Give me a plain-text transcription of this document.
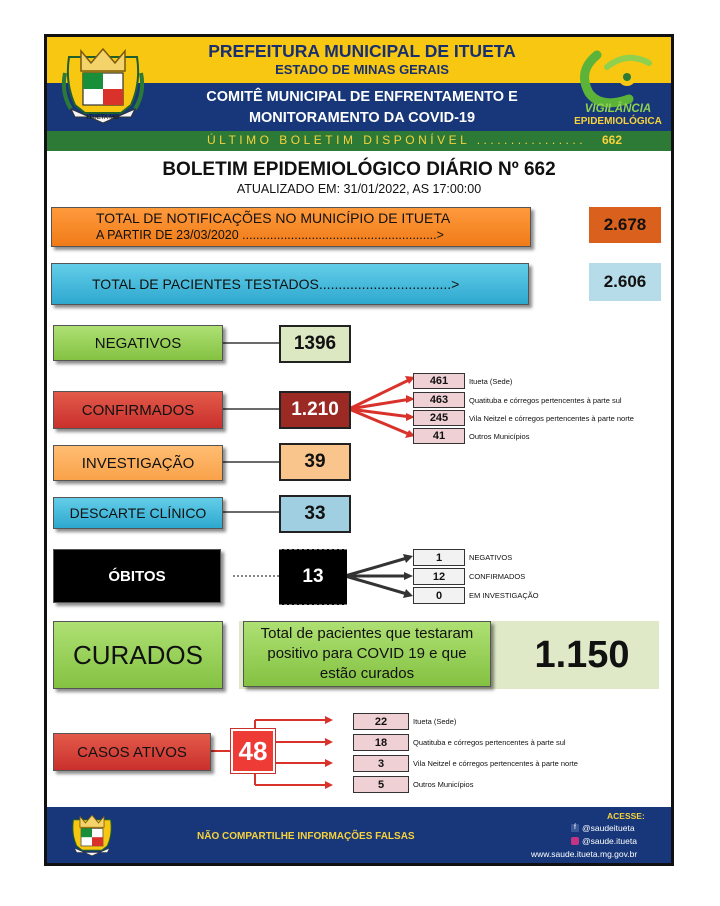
ITUETA MG
PREFEITURA MUNICIPAL DE ITUETA
ESTADO DE MINAS GERAIS
COMITÊ MUNICIPAL DE ENFRENTAMENTO E
MONITORAMENTO DA COVID-19
ÚLTIMO BOLETIM DISPONÍVEL ................ 662
VIGILÂNCIA
EPIDEMIOLÓGICA
BOLETIM EPIDEMIOLÓGICO DIÁRIO Nº 662
ATUALIZADO EM: 31/01/2022, AS 17:00:00
TOTAL DE NOTIFICAÇÕES NO MUNICÍPIO DE ITUETA
A PARTIR DE 23/03/2020 ........................................................>
2.678
TOTAL DE PACIENTES TESTADOS..................................>	2.606
NEGATIVOS	1396
CONFIRMADOS	1.210
461	Itueta (Sede)
463	Quatituba e córregos pertencentes à parte sul
245	Vila Neitzel e córregos pertencentes à parte norte
41	Outros Municípios
INVESTIGAÇÃO	39
DESCARTE CLÍNICO	33
ÓBITOS	13
1	NEGATIVOS
12	CONFIRMADOS
0	EM INVESTIGAÇÃO
CURADOS
Total de pacientes que testaram positivo para COVID 19 e que estão curados	1.150
CASOS ATIVOS	48
22	Itueta (Sede)
18	Quatituba e córregos pertencentes à parte sul
3	Vila Neitzel e córregos pertencentes à parte norte
5	Outros Municípios
NÃO COMPARTILHE INFORMAÇÕES FALSAS
ACESSE:
f @saudeitueta
@saude.itueta
www.saude.itueta.mg.gov.br
